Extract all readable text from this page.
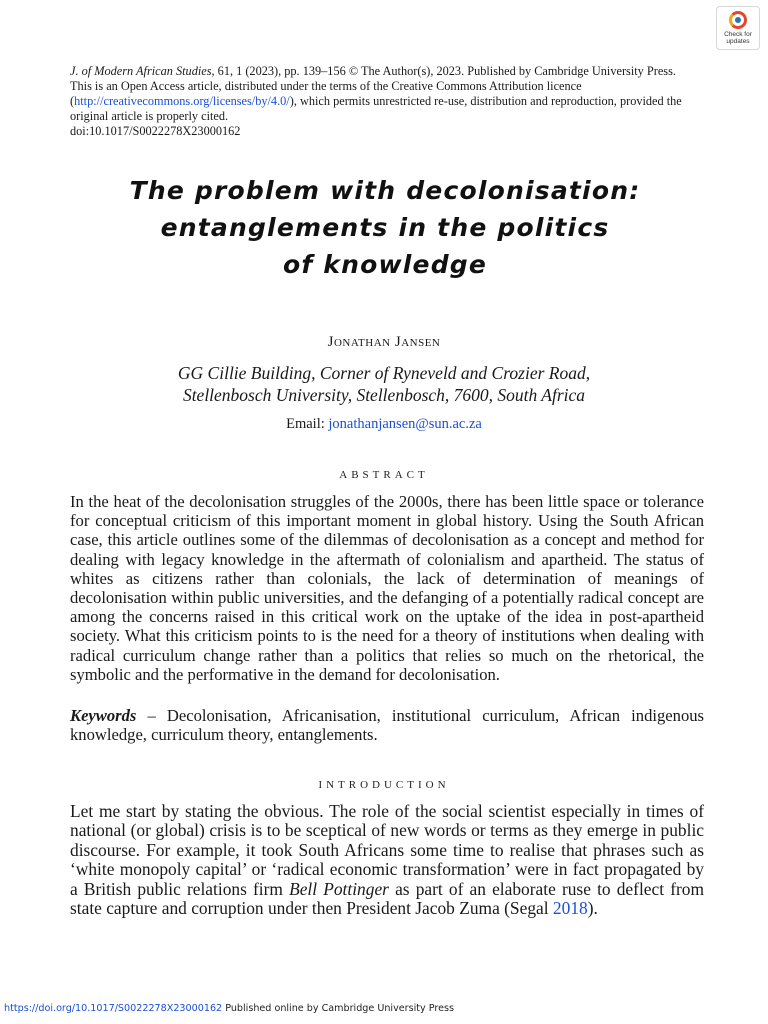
Check for
updates
J. of Modern African Studies, 61, 1 (2023), pp. 139–156 © The Author(s), 2023. Published by Cambridge University Press. This is an Open Access article, distributed under the terms of the Creative Commons Attribution licence (http://creativecommons.org/licenses/by/4.0/), which permits unrestricted re-use, distribution and reproduction, provided the original article is properly cited.
doi:10.1017/S0022278X23000162
The problem with decolonisation:
entanglements in the politics
of knowledge
Jonathan Jansen
GG Cillie Building, Corner of Ryneveld and Crozier Road,
Stellenbosch University, Stellenbosch, 7600, South Africa
Email: jonathanjansen@sun.ac.za
ABSTRACT
In the heat of the decolonisation struggles of the 2000s, there has been little space or tolerance for conceptual criticism of this important moment in global history. Using the South African case, this article outlines some of the dilemmas of decolonisation as a concept and method for dealing with legacy knowledge in the aftermath of colonialism and apartheid. The status of whites as citizens rather than colonials, the lack of determination of meanings of decolonisation within public universities, and the defanging of a potentially radical concept are among the concerns raised in this critical work on the uptake of the idea in post-apartheid society. What this criticism points to is the need for a theory of institutions when dealing with radical curriculum change rather than a politics that relies so much on the rhetorical, the symbolic and the performative in the demand for decolonisation.
Keywords – Decolonisation, Africanisation, institutional curriculum, African indigenous knowledge, curriculum theory, entanglements.
INTRODUCTION
Let me start by stating the obvious. The role of the social scientist especially in times of national (or global) crisis is to be sceptical of new words or terms as they emerge in public discourse. For example, it took South Africans some time to realise that phrases such as ‘white monopoly capital’ or ‘radical economic transformation’ were in fact propagated by a British public relations firm Bell Pottinger as part of an elaborate ruse to deflect from state capture and corruption under then President Jacob Zuma (Segal 2018).
https://doi.org/10.1017/S0022278X23000162 Published online by Cambridge University Press
